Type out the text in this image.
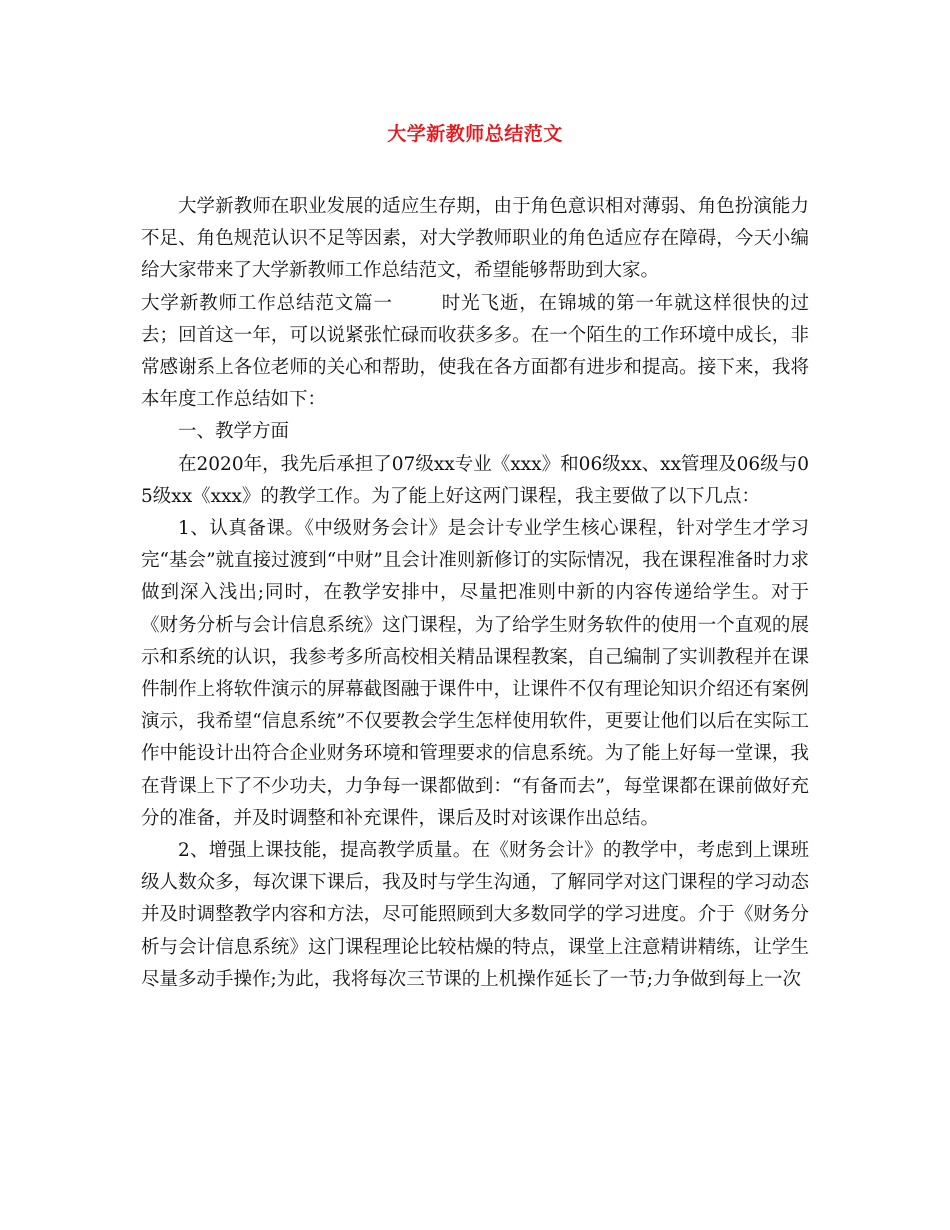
大学新教师总结范文

大学新教师在职业发展的适应生存期，由于角色意识相对薄弱、角色扮演能力不足、角色规范认识不足等因素，对大学教师职业的角色适应存在障碍，今天小编给大家带来了大学新教师工作总结范文，希望能够帮助到大家。

大学新教师工作总结范文篇一	时光飞逝，在锦城的第一年就这样很快的过去；回首这一年，可以说紧张忙碌而收获多多。在一个陌生的工作环境中成长，非常感谢系上各位老师的关心和帮助，使我在各方面都有进步和提高。接下来，我将本年度工作总结如下：

一、教学方面

在2020年，我先后承担了07级xx专业《xxx》和06级xx、xx管理及06级与05级xx《xxx》的教学工作。为了能上好这两门课程，我主要做了以下几点：

1、认真备课。《中级财务会计》是会计专业学生核心课程，针对学生才学习完“基会”就直接过渡到“中财”且会计准则新修订的实际情况，我在课程准备时力求做到深入浅出;同时，在教学安排中，尽量把准则中新的内容传递给学生。对于《财务分析与会计信息系统》这门课程，为了给学生财务软件的使用一个直观的展示和系统的认识，我参考多所高校相关精品课程教案，自己编制了实训教程并在课件制作上将软件演示的屏幕截图融于课件中，让课件不仅有理论知识介绍还有案例演示，我希望“信息系统”不仅要教会学生怎样使用软件，更要让他们以后在实际工作中能设计出符合企业财务环境和管理要求的信息系统。为了能上好每一堂课，我在背课上下了不少功夫，力争每一课都做到：“有备而去”，每堂课都在课前做好充分的准备，并及时调整和补充课件，课后及时对该课作出总结。

2、增强上课技能，提高教学质量。在《财务会计》的教学中，考虑到上课班级人数众多，每次课下课后，我及时与学生沟通，了解同学对这门课程的学习动态并及时调整教学内容和方法，尽可能照顾到大多数同学的学习进度。介于《财务分析与会计信息系统》这门课程理论比较枯燥的特点，课堂上注意精讲精练，让学生尽量多动手操作;为此，我将每次三节课的上机操作延长了一节;力争做到每上一次
